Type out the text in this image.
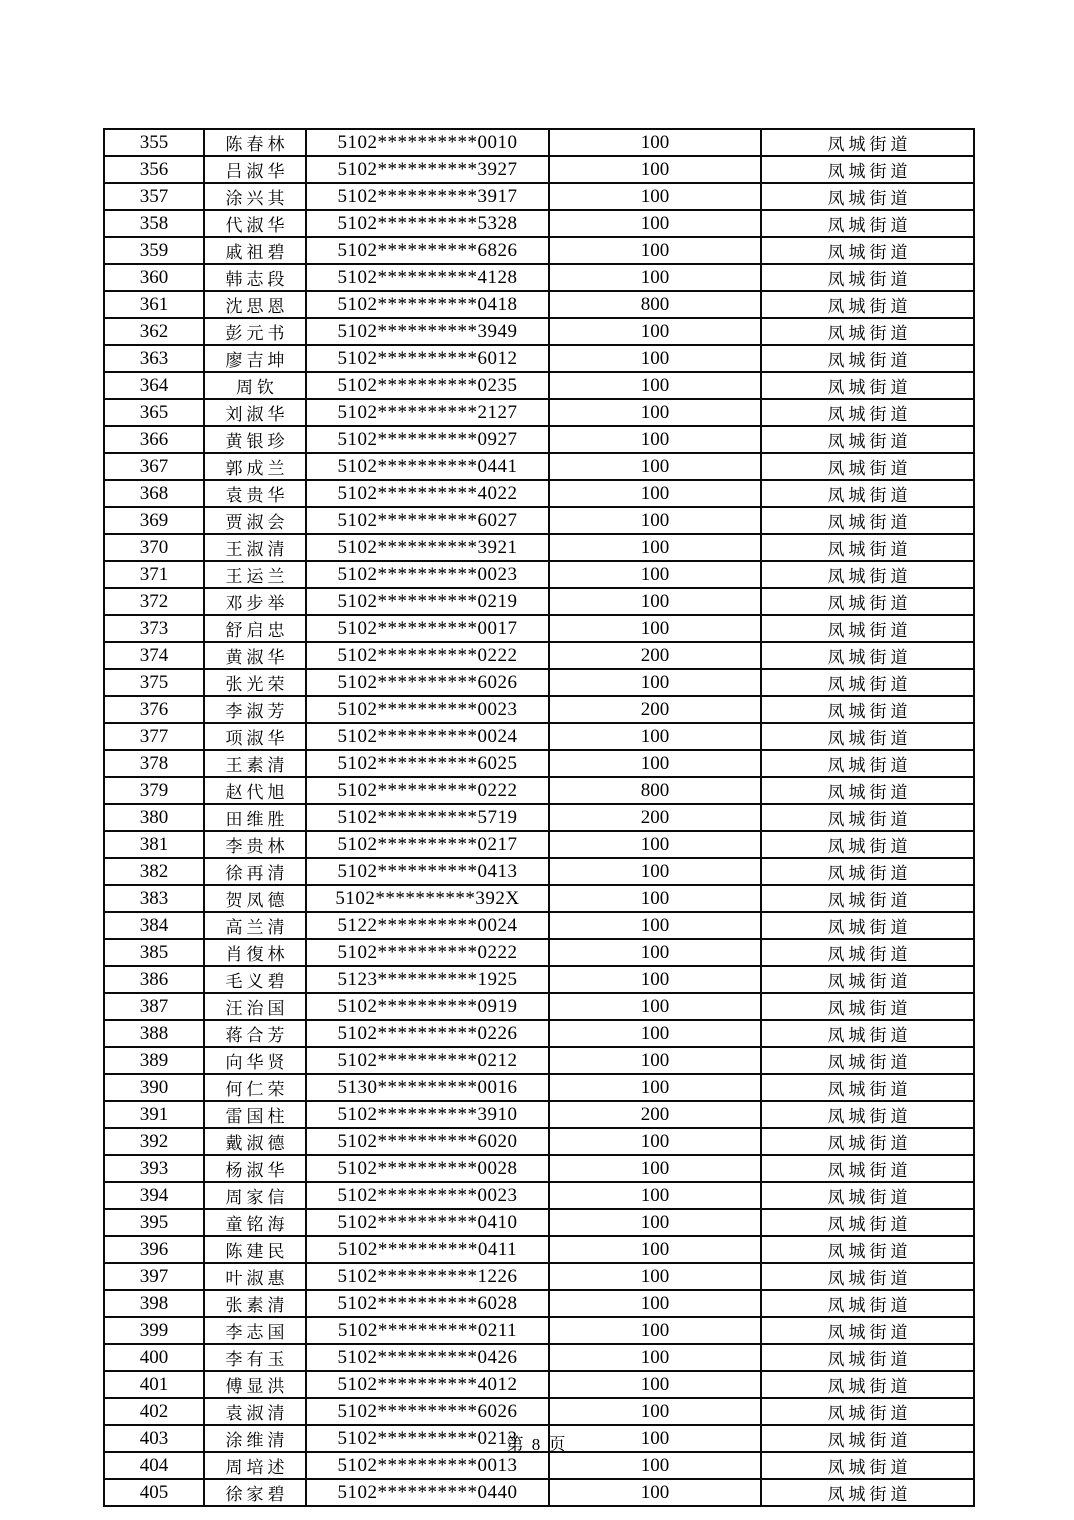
355	陈春林	5102**********0010	100	凤城街道
356	吕淑华	5102**********3927	100	凤城街道
357	涂兴其	5102**********3917	100	凤城街道
358	代淑华	5102**********5328	100	凤城街道
359	戚祖碧	5102**********6826	100	凤城街道
360	韩志段	5102**********4128	100	凤城街道
361	沈思恩	5102**********0418	800	凤城街道
362	彭元书	5102**********3949	100	凤城街道
363	廖吉坤	5102**********6012	100	凤城街道
364	周钦	5102**********0235	100	凤城街道
365	刘淑华	5102**********2127	100	凤城街道
366	黄银珍	5102**********0927	100	凤城街道
367	郭成兰	5102**********0441	100	凤城街道
368	袁贵华	5102**********4022	100	凤城街道
369	贾淑会	5102**********6027	100	凤城街道
370	王淑清	5102**********3921	100	凤城街道
371	王运兰	5102**********0023	100	凤城街道
372	邓步举	5102**********0219	100	凤城街道
373	舒启忠	5102**********0017	100	凤城街道
374	黄淑华	5102**********0222	200	凤城街道
375	张光荣	5102**********6026	100	凤城街道
376	李淑芳	5102**********0023	200	凤城街道
377	项淑华	5102**********0024	100	凤城街道
378	王素清	5102**********6025	100	凤城街道
379	赵代旭	5102**********0222	800	凤城街道
380	田维胜	5102**********5719	200	凤城街道
381	李贵林	5102**********0217	100	凤城街道
382	徐再清	5102**********0413	100	凤城街道
383	贺凤德	5102**********392X	100	凤城街道
384	高兰清	5122**********0024	100	凤城街道
385	肖復林	5102**********0222	100	凤城街道
386	毛义碧	5123**********1925	100	凤城街道
387	汪治国	5102**********0919	100	凤城街道
388	蒋合芳	5102**********0226	100	凤城街道
389	向华贤	5102**********0212	100	凤城街道
390	何仁荣	5130**********0016	100	凤城街道
391	雷国柱	5102**********3910	200	凤城街道
392	戴淑德	5102**********6020	100	凤城街道
393	杨淑华	5102**********0028	100	凤城街道
394	周家信	5102**********0023	100	凤城街道
395	童铭海	5102**********0410	100	凤城街道
396	陈建民	5102**********0411	100	凤城街道
397	叶淑惠	5102**********1226	100	凤城街道
398	张素清	5102**********6028	100	凤城街道
399	李志国	5102**********0211	100	凤城街道
400	李有玉	5102**********0426	100	凤城街道
401	傅显洪	5102**********4012	100	凤城街道
402	袁淑清	5102**********6026	100	凤城街道
403	涂维清	5102**********0213	100	凤城街道
404	周培述	5102**********0013	100	凤城街道
405	徐家碧	5102**********0440	100	凤城街道
第 8 页
